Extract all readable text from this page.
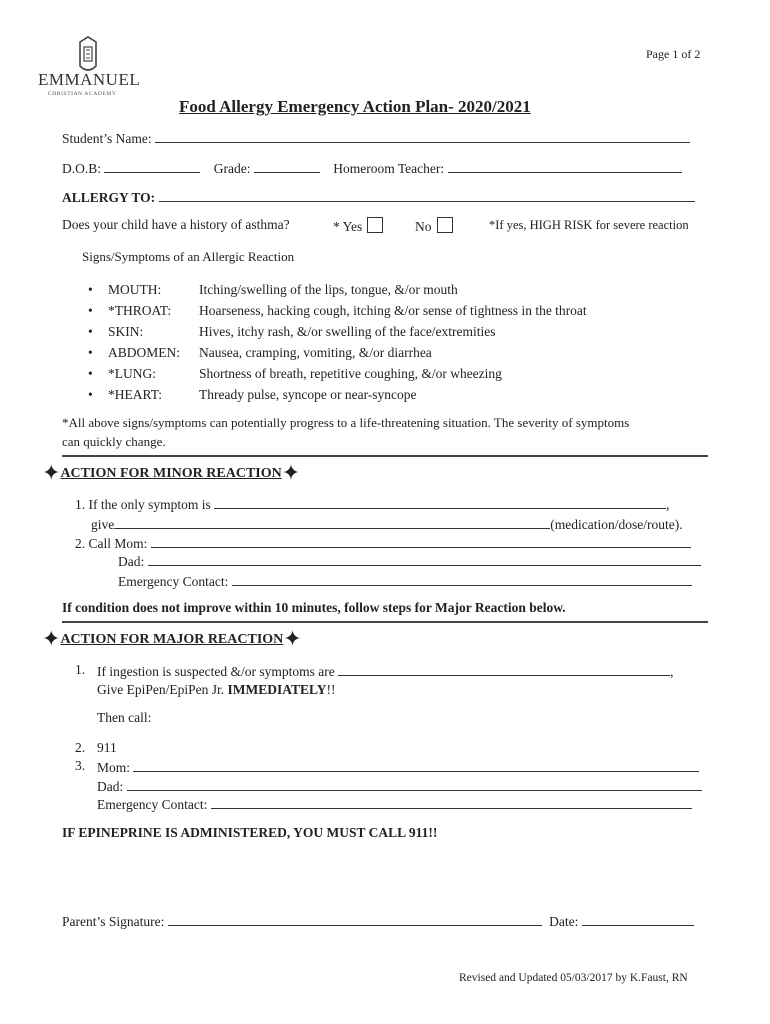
EMMANUEL
CHRISTIAN ACADEMY
Page 1 of 2
Food Allergy Emergency Action Plan- 2020/2021
Student’s Name:
D.O.B:	Grade:	Homeroom Teacher:
ALLERGY TO:
Does your child have a history of asthma?	* Yes	No	*If yes, HIGH RISK for severe reaction
Signs/Symptoms of an Allergic Reaction
• MOUTH:	Itching/swelling of the lips, tongue, &/or mouth
• *THROAT: Hoarseness, hacking cough, itching &/or sense of tightness in the throat
• SKIN:	Hives, itchy rash, &/or swelling of the face/extremities
• ABDOMEN: Nausea, cramping, vomiting, &/or diarrhea
• *LUNG:	Shortness of breath, repetitive coughing, &/or wheezing
• *HEART:	Thready pulse, syncope or near-syncope
*All above signs/symptoms can potentially progress to a life-threatening situation. The severity of symptoms
can quickly change.
✦ACTION FOR MINOR REACTION✦
1. If the only symptom is	,
give	(medication/dose/route).
2. Call Mom:
Dad:
Emergency Contact:
If condition does not improve within 10 minutes, follow steps for Major Reaction below.
✦ACTION FOR MAJOR REACTION✦
1. If ingestion is suspected &/or symptoms are	,
Give EpiPen/EpiPen Jr. IMMEDIATELY!!
Then call:
2. 911
3. Mom:
Dad:
Emergency Contact:
IF EPINEPRINE IS ADMINISTERED, YOU MUST CALL 911!!
Parent’s Signature:	Date:
Revised and Updated 05/03/2017 by K.Faust, RN
